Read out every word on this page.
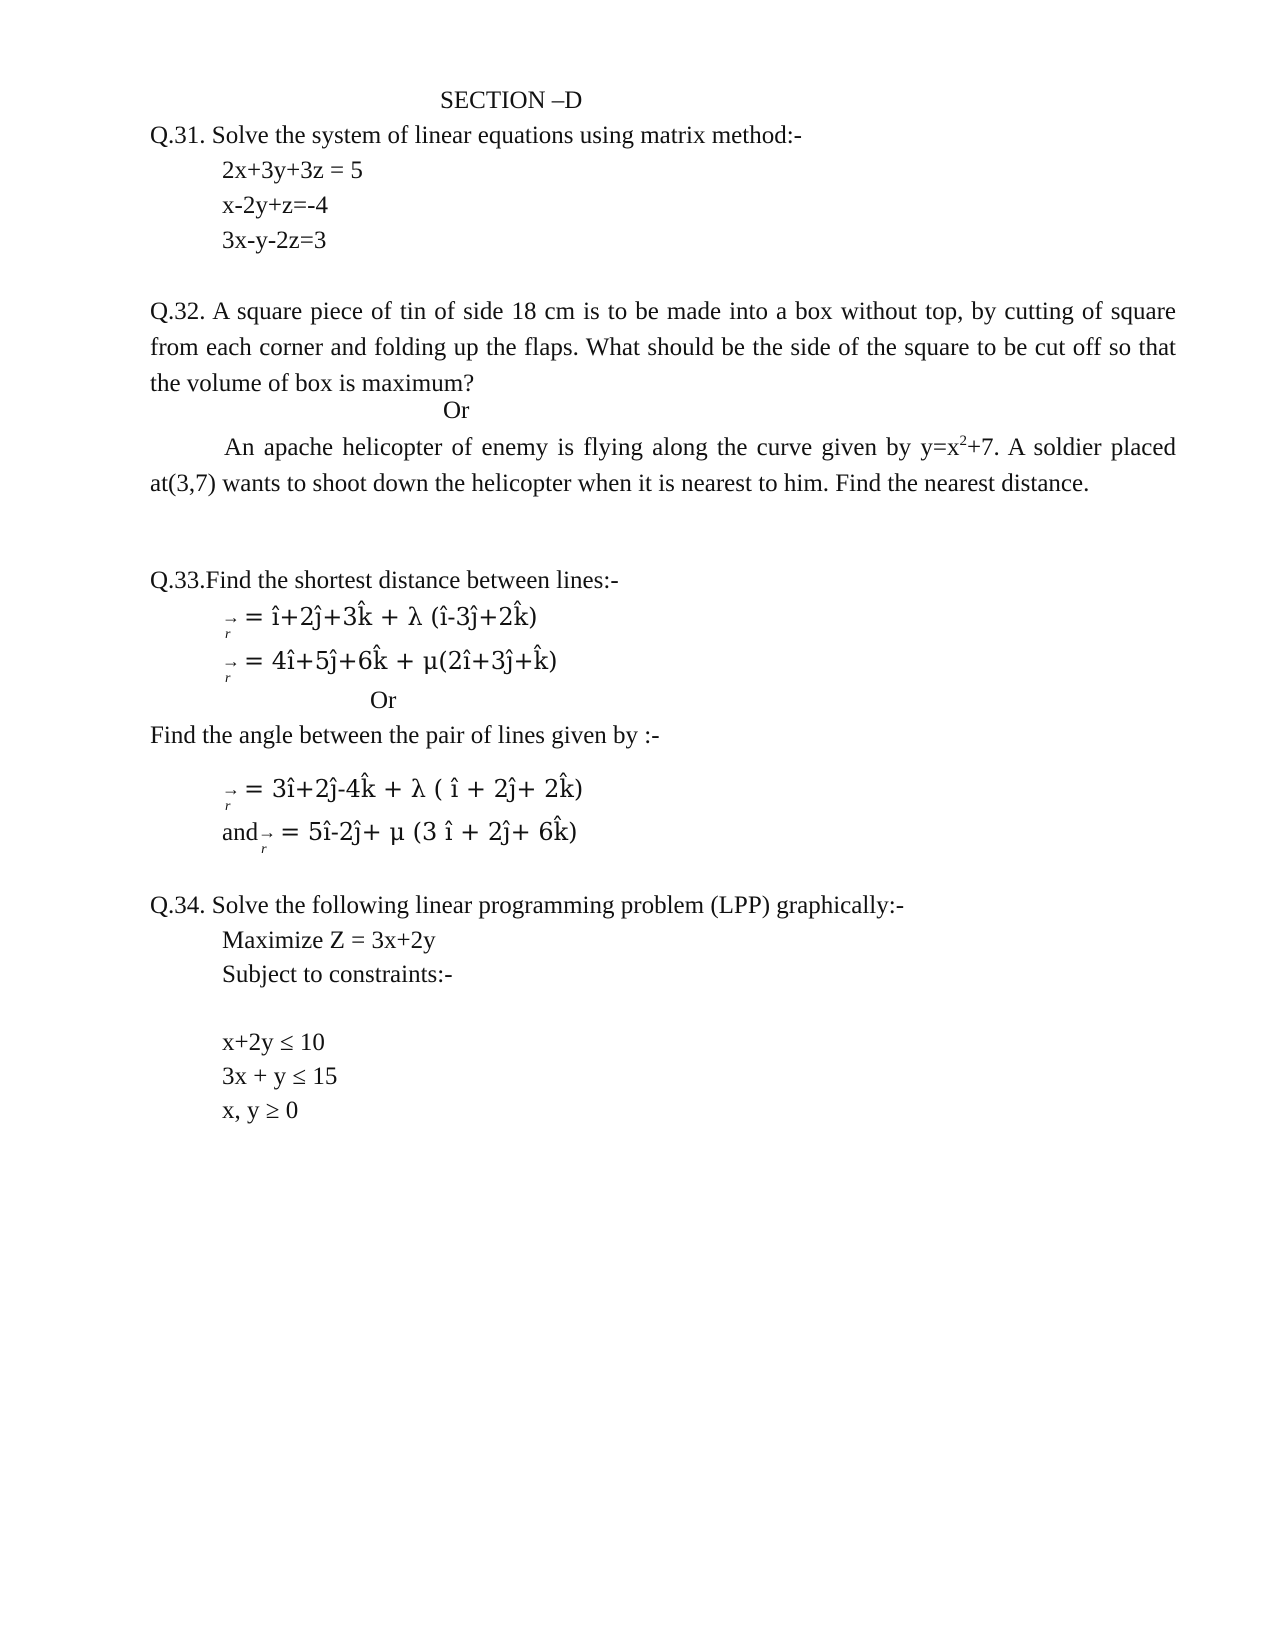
SECTION –D
Q.31. Solve the system of linear equations using matrix method:-
2x+3y+3z = 5
x-2y+z=-4
3x-y-2z=3
Q.32. A square piece of tin of side 18 cm is to be made into a box without top, by cutting of square from each corner and folding up the flaps. What should be the side of the square to be cut off so that the volume of box is maximum?
Or
An apache helicopter of enemy is flying along the curve given by $y=x^2+7$. A soldier placed at(3,7) wants to shoot down the helicopter when it is nearest to him. Find the nearest distance.
Q.33.Find the shortest distance between lines:-
→
r
= î+2ĵ+3k̂ + λ (î-3ĵ+2k̂)
→
r
= 4î+5ĵ+6k̂ + μ(2î+3ĵ+k̂)
Or
Find the angle between the pair of lines given by :-
→
r
= 3î+2ĵ-4k̂ + λ ( î + 2ĵ+ 2k̂)
and →
r
= 5î-2ĵ+ μ (3 î + 2ĵ+ 6k̂)
Q.34. Solve the following linear programming problem (LPP) graphically:-
Maximize Z = 3x+2y
Subject to constraints:-
x+2y ≤ 10
3x + y ≤ 15
x, y ≥ 0
